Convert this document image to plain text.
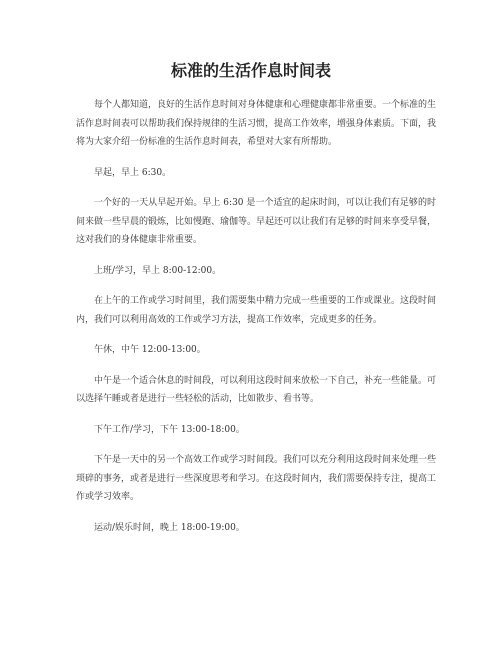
标准的生活作息时间表

每个人都知道，良好的生活作息时间对身体健康和心理健康都非常重要。一个标准的生活作息时间表可以帮助我们保持规律的生活习惯，提高工作效率，增强身体素质。下面，我将为大家介绍一份标准的生活作息时间表，希望对大家有所帮助。

早起，早上 6:30。

一个好的一天从早起开始。早上 6:30 是一个适宜的起床时间，可以让我们有足够的时间来做一些早晨的锻炼，比如慢跑、瑜伽等。早起还可以让我们有足够的时间来享受早餐，这对我们的身体健康非常重要。

上班/学习，早上 8:00-12:00。

在上午的工作或学习时间里，我们需要集中精力完成一些重要的工作或课业。这段时间内，我们可以利用高效的工作或学习方法，提高工作效率，完成更多的任务。

午休，中午 12:00-13:00。

中午是一个适合休息的时间段，可以利用这段时间来放松一下自己，补充一些能量。可以选择午睡或者是进行一些轻松的活动，比如散步、看书等。

下午工作/学习，下午 13:00-18:00。

下午是一天中的另一个高效工作或学习时间段。我们可以充分利用这段时间来处理一些琐碎的事务，或者是进行一些深度思考和学习。在这段时间内，我们需要保持专注，提高工作或学习效率。

运动/娱乐时间，晚上 18:00-19:00。
